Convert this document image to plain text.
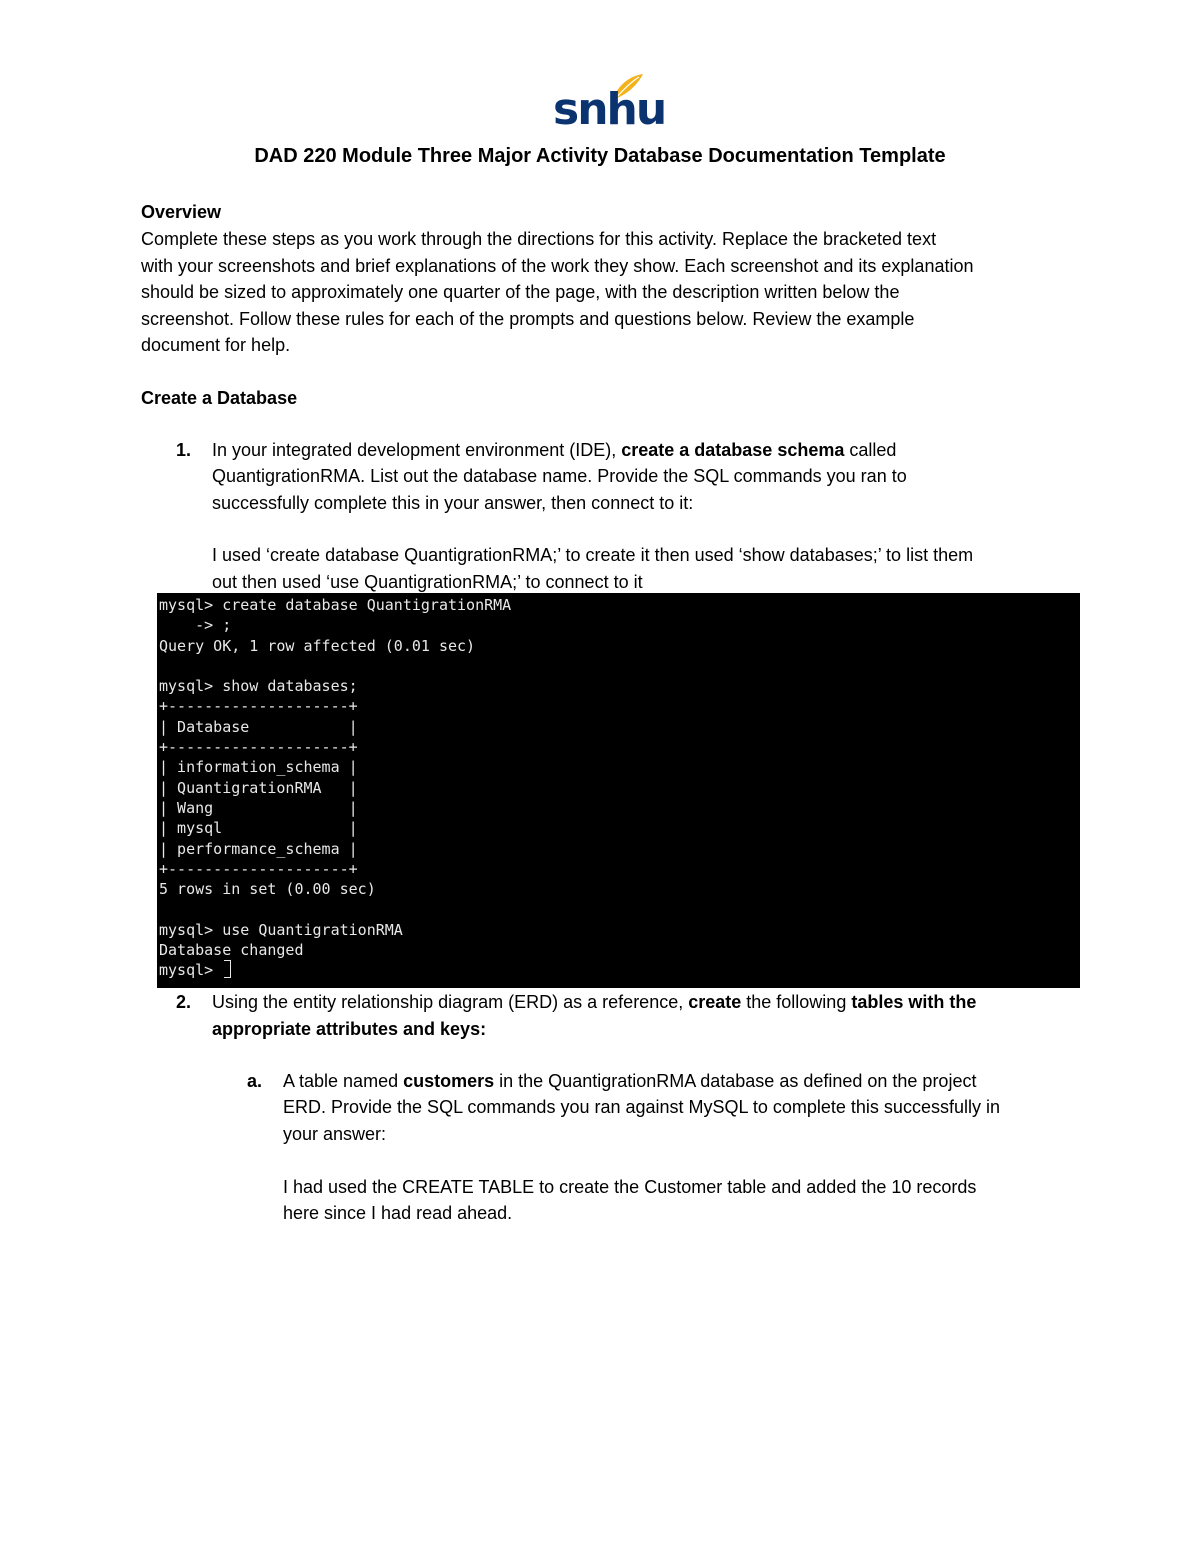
snhu
DAD 220 Module Three Major Activity Database Documentation Template
Overview
Complete these steps as you work through the directions for this activity. Replace the bracketed text
with your screenshots and brief explanations of the work they show. Each screenshot and its explanation
should be sized to approximately one quarter of the page, with the description written below the
screenshot. Follow these rules for each of the prompts and questions below. Review the example
document for help.
Create a Database
1. In your integrated development environment (IDE), create a database schema called
QuantigrationRMA. List out the database name. Provide the SQL commands you ran to
successfully complete this in your answer, then connect to it:
I used ‘create database QuantigrationRMA;’ to create it then used ‘show databases;’ to list them
out then used ‘use QuantigrationRMA;’ to connect to it
mysql> create database QuantigrationRMA
-> ;
Query OK, 1 row affected (0.01 sec)
mysql> show databases;
+--------------------+
| Database           |
+--------------------+
| information_schema |
| QuantigrationRMA   |
| Wang               |
| mysql              |
| performance_schema |
+--------------------+
5 rows in set (0.00 sec)
mysql> use QuantigrationRMA
Database changed
mysql>
2. Using the entity relationship diagram (ERD) as a reference, create the following tables with the
appropriate attributes and keys:
a. A table named customers in the QuantigrationRMA database as defined on the project
ERD. Provide the SQL commands you ran against MySQL to complete this successfully in
your answer:
I had used the CREATE TABLE to create the Customer table and added the 10 records
here since I had read ahead.
